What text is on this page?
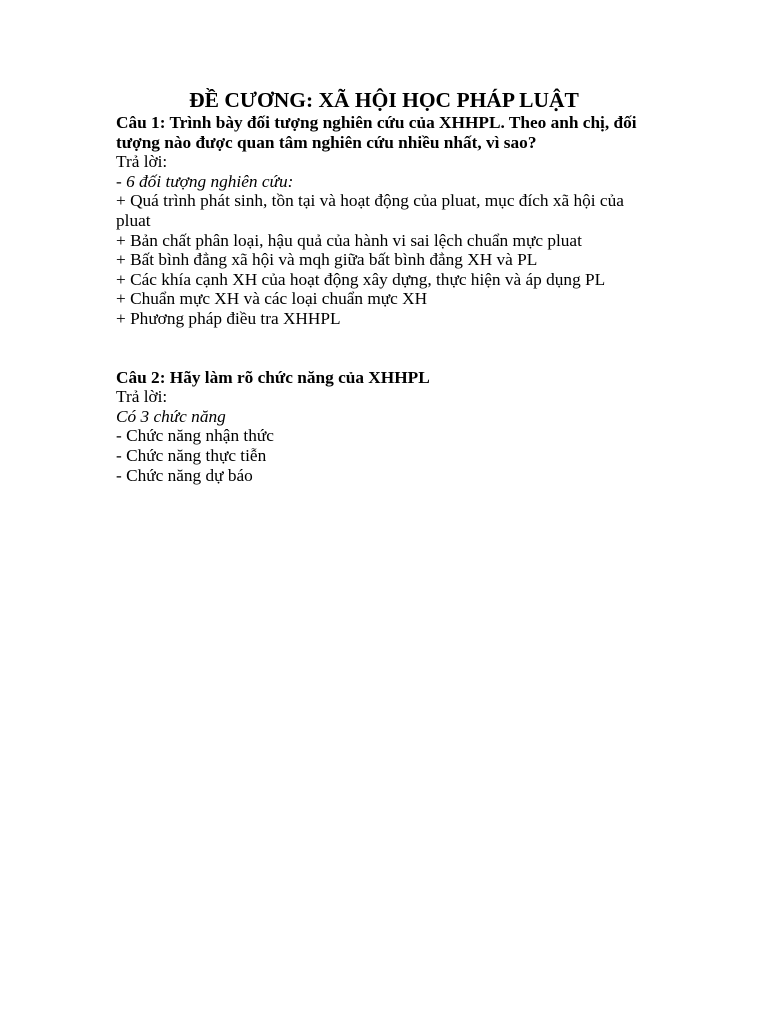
ĐỀ CƯƠNG: XÃ HỘI HỌC PHÁP LUẬT

Câu 1: Trình bày đối tượng nghiên cứu của XHHPL. Theo anh chị, đối tượng nào được quan tâm nghiên cứu nhiều nhất, vì sao?

Trả lời:

- 6 đối tượng nghiên cứu:

+ Quá trình phát sinh, tồn tại và hoạt động của pluat, mục đích xã hội của pluat

+ Bản chất phân loại, hậu quả của hành vi sai lệch chuẩn mực pluat

+ Bất bình đẳng xã hội và mqh giữa bất bình đẳng XH và PL

+ Các khía cạnh XH của hoạt động xây dựng, thực hiện và áp dụng PL

+ Chuẩn mực XH và các loại chuẩn mực XH

+ Phương pháp điều tra XHHPL

Câu 2: Hãy làm rõ chức năng của XHHPL

Trả lời:

Có 3 chức năng

- Chức năng nhận thức

- Chức năng thực tiễn

- Chức năng dự báo
